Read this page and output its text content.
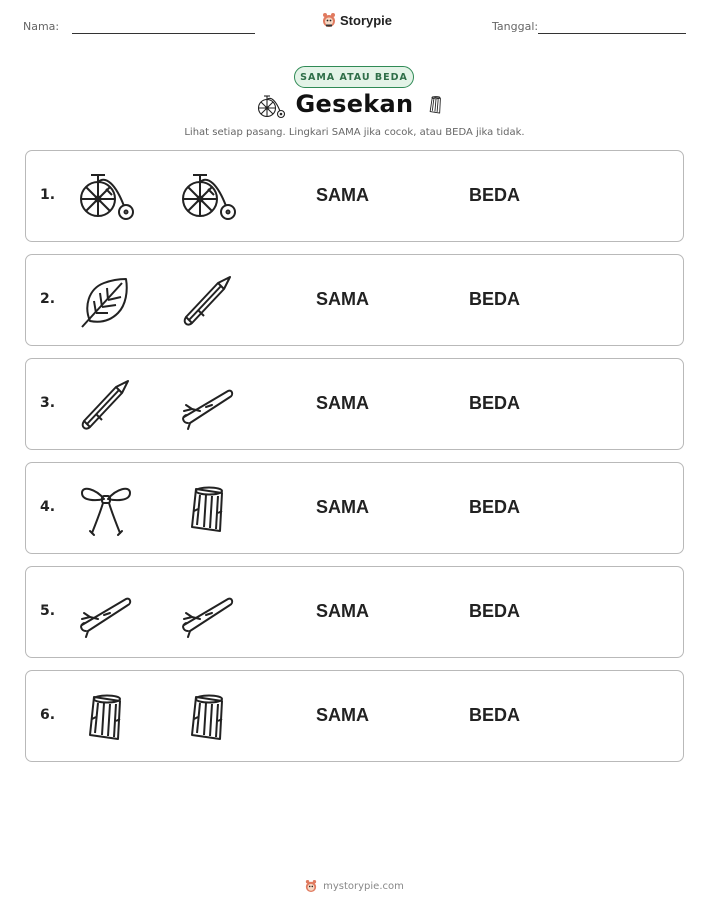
Nama:	Storypie	Tanggal:
SAMA ATAU BEDA
Gesekan
Lihat setiap pasang. Lingkari SAMA jika cocok, atau BEDA jika tidak.
1.	SAMA	BEDA
2.	SAMA	BEDA
3.	SAMA	BEDA
4.	SAMA	BEDA
5.	SAMA	BEDA
6.	SAMA	BEDA
mystorypie.com
